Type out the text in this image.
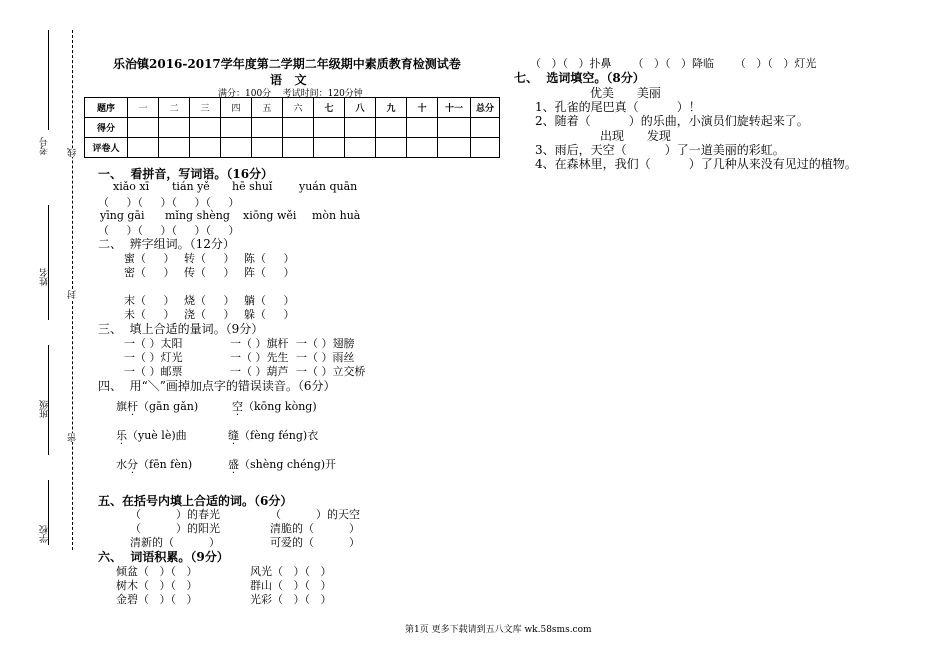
考号
姓名
班级
学校
线
封
密
乐治镇2016-2017学年度第二学期二年级期中素质教育检测试卷
语   文
满分：100分    考试时间：120分钟
题序	一	二	三	四	五	六	七	八	九	十	十一	总分
得分												
评卷人												
一、  看拼音，写词语。（16分）
xiǎo xī tián yě hē shuǐ yuán quān
（     ）（     ）（     ）（     ）
yīng gāi mǐng shèng xiōng wěi mòn huà
（     ）（     ）（     ）（     ）
二、  辨字组词。（12分）
蜜（     ） 转（     ） 陈（     ）
密（     ） 传（     ） 阵（     ）
末（     ） 烧（     ） 躺（     ）
未（     ） 浇（     ） 躲（     ）
三、  填上合适的量词。（9分）
一（ ）太阳	一（ ）旗杆 一（ ）翅膀
一（ ）灯光	一（ ）先生 一（ ）雨丝
一（ ）邮票	一（ ）葫芦 一（ ）立交桥
四、  用“＼”画掉加点字的错误读音。（6分）
旗杆（gān gǎn)	空（kōng kòng)
乐（yuè lè)曲	缝（fèng féng)衣
水分（fēn fèn)	盛（shèng chéng)开
五、在括号内填上合适的词。（6分）
（          ）的春光	（          ）的天空
（          ）的阳光	清脆的（          ）
清新的（          ）	可爱的（          ）
六、  词语积累。（9分）
倾盆（   ）（   ）	风光（   ）（   ）
树木（   ）（   ）	群山（   ）（   ）
金碧（   ）（   ）	光彩（   ）（   ）
（   ）（   ）扑鼻      （   ）（   ）降临      （   ）（   ）灯光
七、  选词填空。（8分）
优美      美丽
1、孔雀的尾巴真（          ）！
2、随着（          ）的乐曲，小演员们旋转起来了。
出现      发现
3、雨后，天空（          ）了一道美丽的彩虹。
4、在森林里，我们（          ）了几种从来没有见过的植物。
第1页 更多下载请到五八文库 wk.58sms.com
